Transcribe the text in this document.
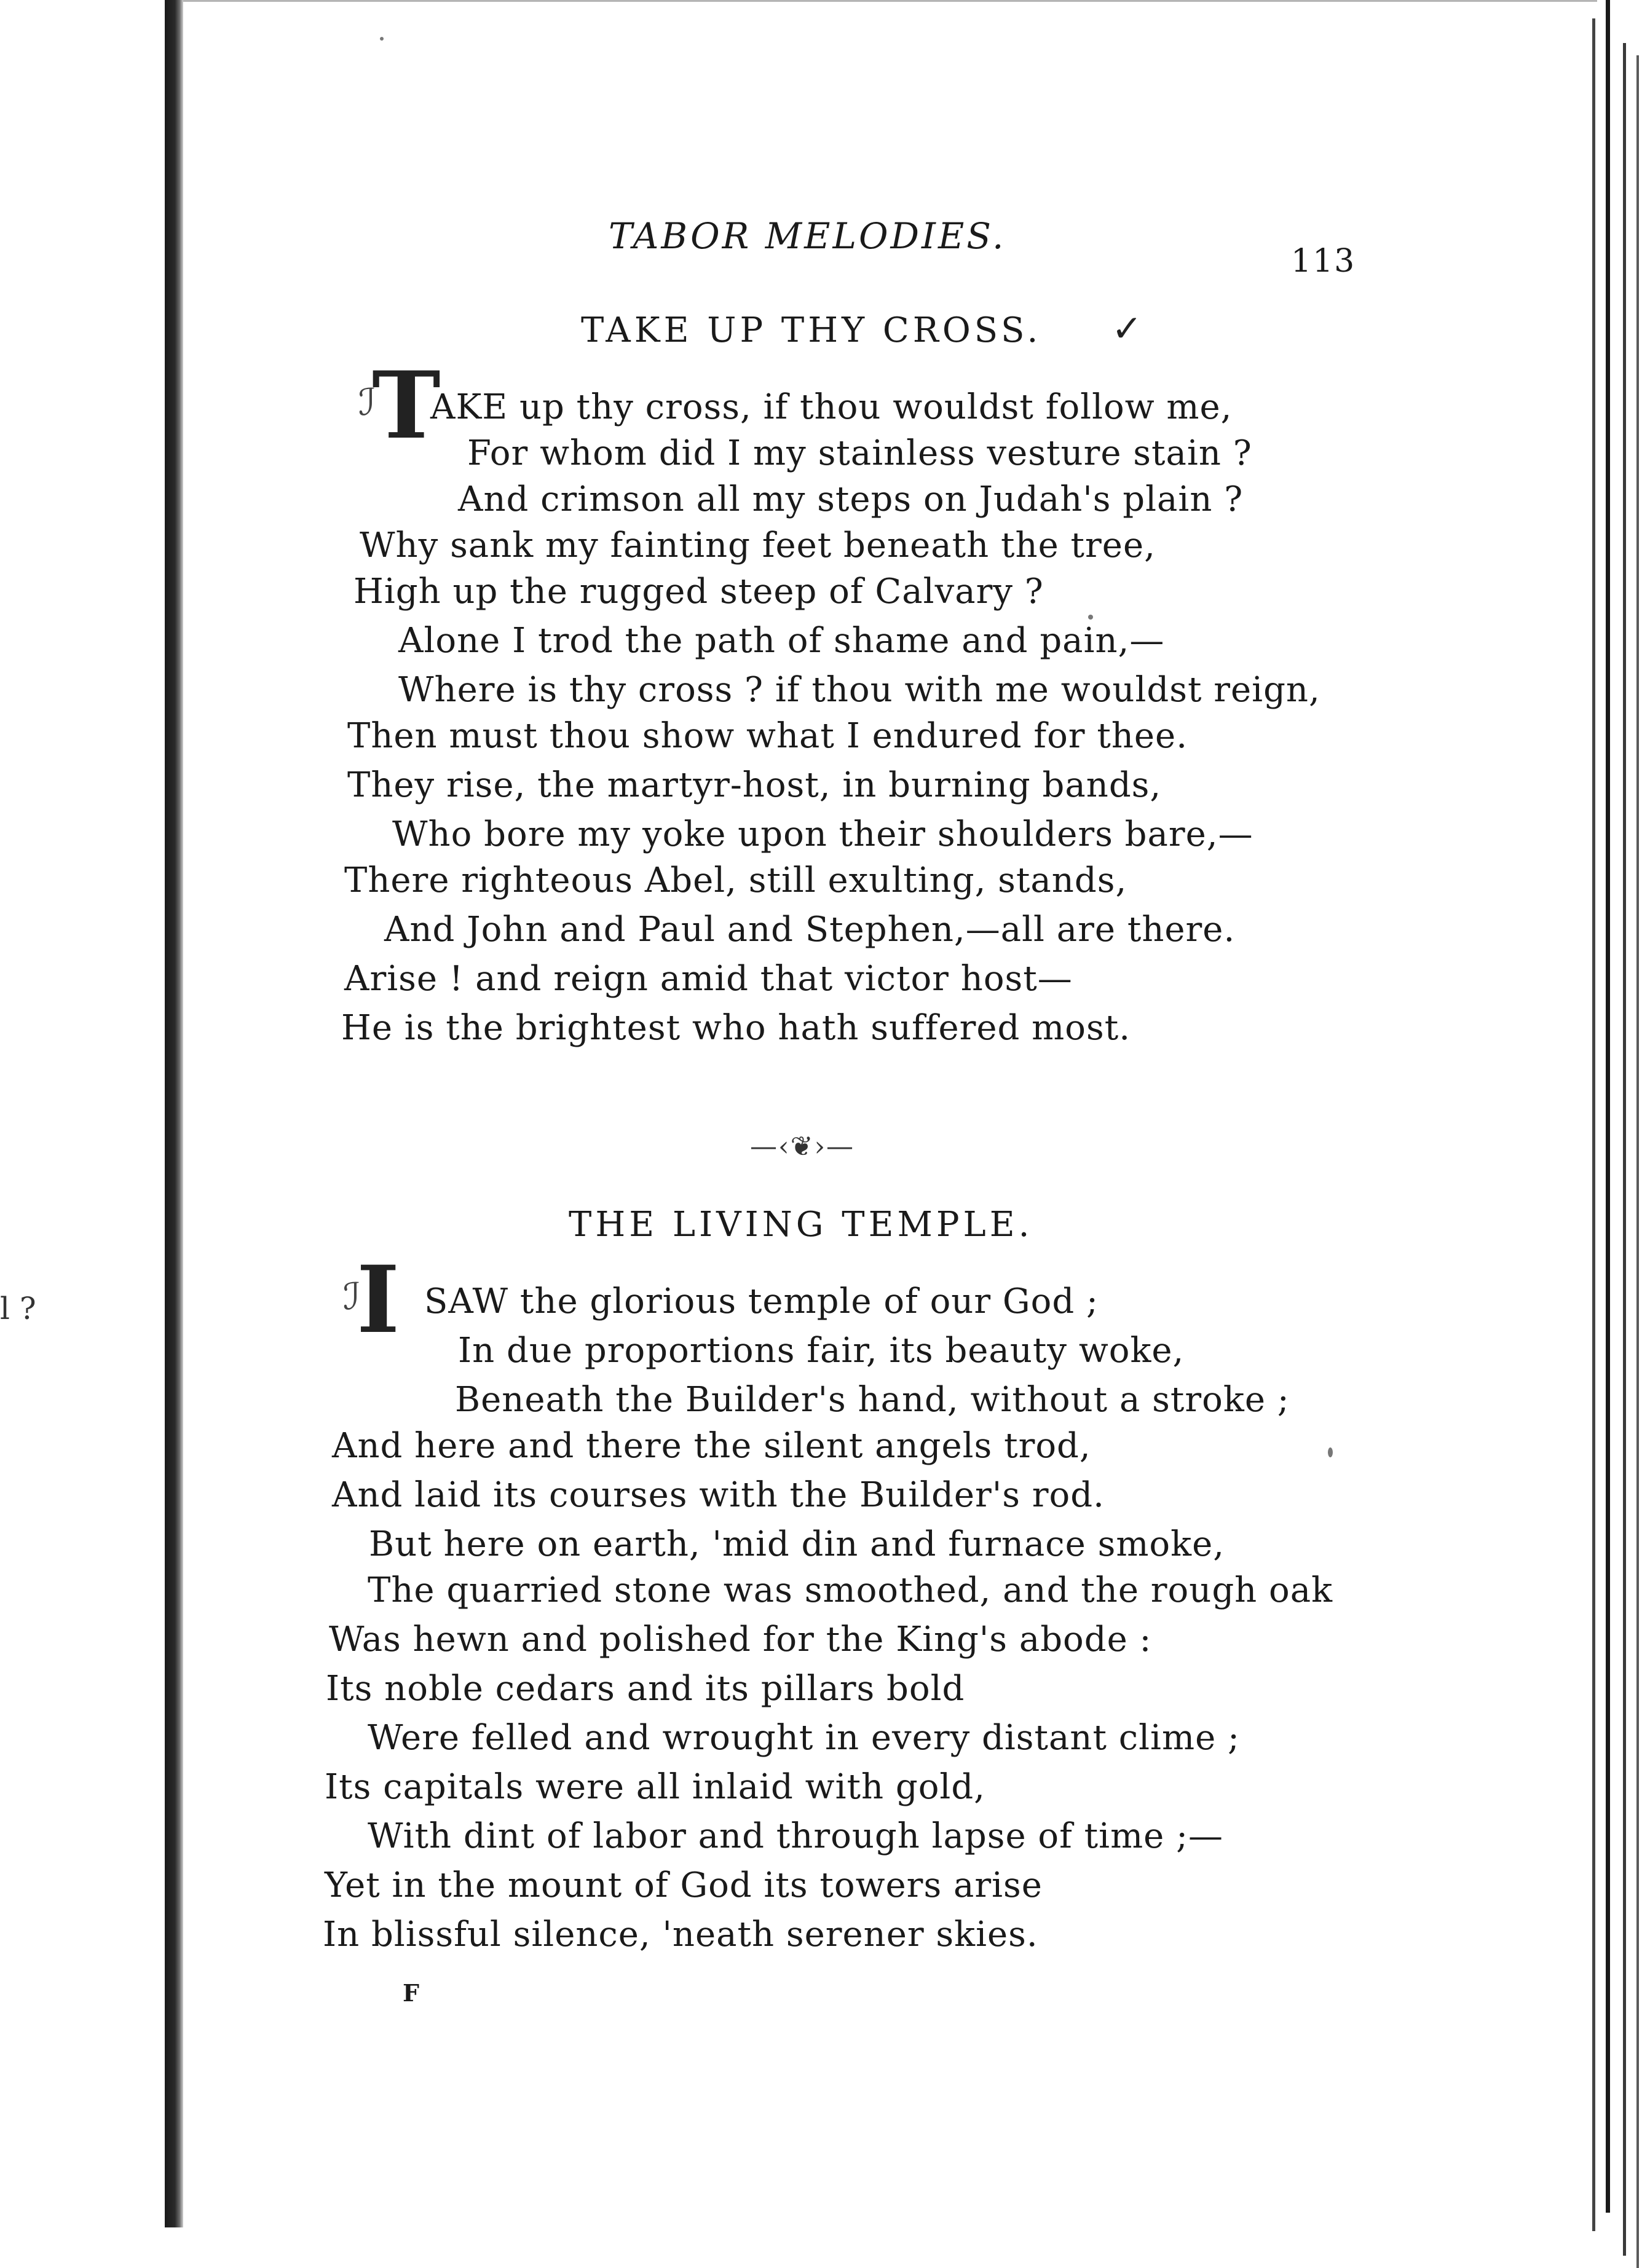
l ?
TABOR MELODIES.
113
TAKE UP THY CROSS. ✓
T
ℐ AKE up thy cross, if thou wouldst follow me,
For whom did I my stainless vesture stain ?
And crimson all my steps on Judah's plain ?
Why sank my fainting feet beneath the tree,
High up the rugged steep of Calvary ?
Alone I trod the path of shame and pain,—
Where is thy cross ? if thou with me wouldst reign,
Then must thou show what I endured for thee.
They rise, the martyr-host, in burning bands,
Who bore my yoke upon their shoulders bare,—
There righteous Abel, still exulting, stands,
And John and Paul and Stephen,—all are there.
Arise ! and reign amid that victor host—
He is the brightest who hath suffered most.
—‹❦›—
THE LIVING TEMPLE.
I
ℐ SAW the glorious temple of our God ;
In due proportions fair, its beauty woke,
Beneath the Builder's hand, without a stroke ;
And here and there the silent angels trod,
And laid its courses with the Builder's rod.
But here on earth, 'mid din and furnace smoke,
The quarried stone was smoothed, and the rough oak
Was hewn and polished for the King's abode :
Its noble cedars and its pillars bold
Were felled and wrought in every distant clime ;
Its capitals were all inlaid with gold,
With dint of labor and through lapse of time ;—
Yet in the mount of God its towers arise
In blissful silence, 'neath serener skies.
F
